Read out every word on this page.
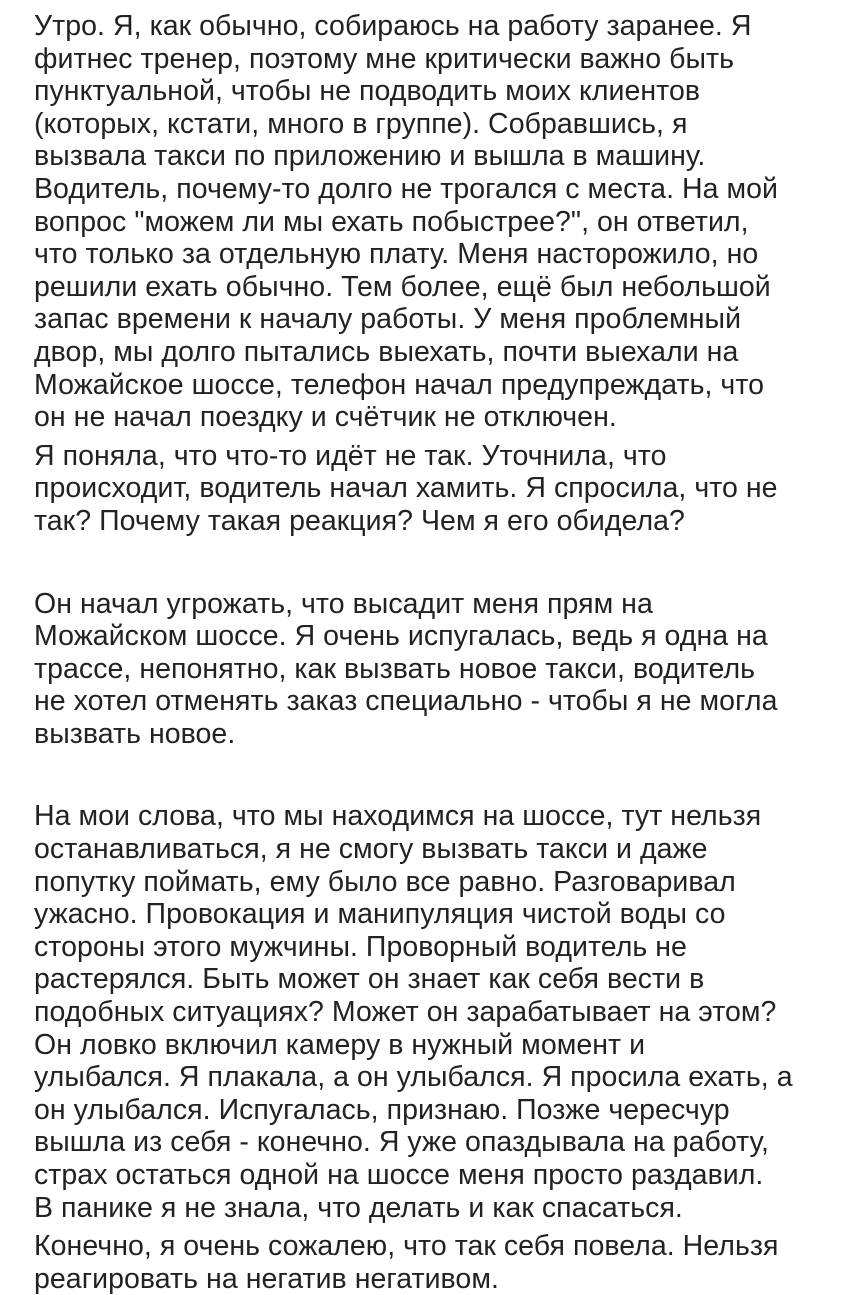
Утро. Я, как обычно, собираюсь на работу заранее. Я
фитнес тренер, поэтому мне критически важно быть
пунктуальной, чтобы не подводить моих клиентов
(которых, кстати, много в группе). Собравшись, я
вызвала такси по приложению и вышла в машину.
Водитель, почему-то долго не трогался с места. На мой
вопрос "можем ли мы ехать побыстрее?", он ответил,
что только за отдельную плату. Меня насторожило, но
решили ехать обычно. Тем более, ещё был небольшой
запас времени к началу работы. У меня проблемный
двор, мы долго пытались выехать, почти выехали на
Можайское шоссе, телефон начал предупреждать, что
он не начал поездку и счётчик не отключен.
Я поняла, что что-то идёт не так. Уточнила, что
происходит, водитель начал хамить. Я спросила, что не
так? Почему такая реакция? Чем я его обидела?
Он начал угрожать, что высадит меня прям на
Можайском шоссе. Я очень испугалась, ведь я одна на
трассе, непонятно, как вызвать новое такси, водитель
не хотел отменять заказ специально - чтобы я не могла
вызвать новое.
На мои слова, что мы находимся на шоссе, тут нельзя
останавливаться, я не смогу вызвать такси и даже
попутку поймать, ему было все равно. Разговаривал
ужасно. Провокация и манипуляция чистой воды со
стороны этого мужчины. Проворный водитель не
растерялся. Быть может он знает как себя вести в
подобных ситуациях? Может он зарабатывает на этом?
Он ловко включил камеру в нужный момент и
улыбался. Я плакала, а он улыбался. Я просила ехать, а
он улыбался. Испугалась, признаю. Позже чересчур
вышла из себя - конечно. Я уже опаздывала на работу,
страх остаться одной на шоссе меня просто раздавил.
В панике я не знала, что делать и как спасаться.
Конечно, я очень сожалею, что так себя повела. Нельзя
реагировать на негатив негативом.
